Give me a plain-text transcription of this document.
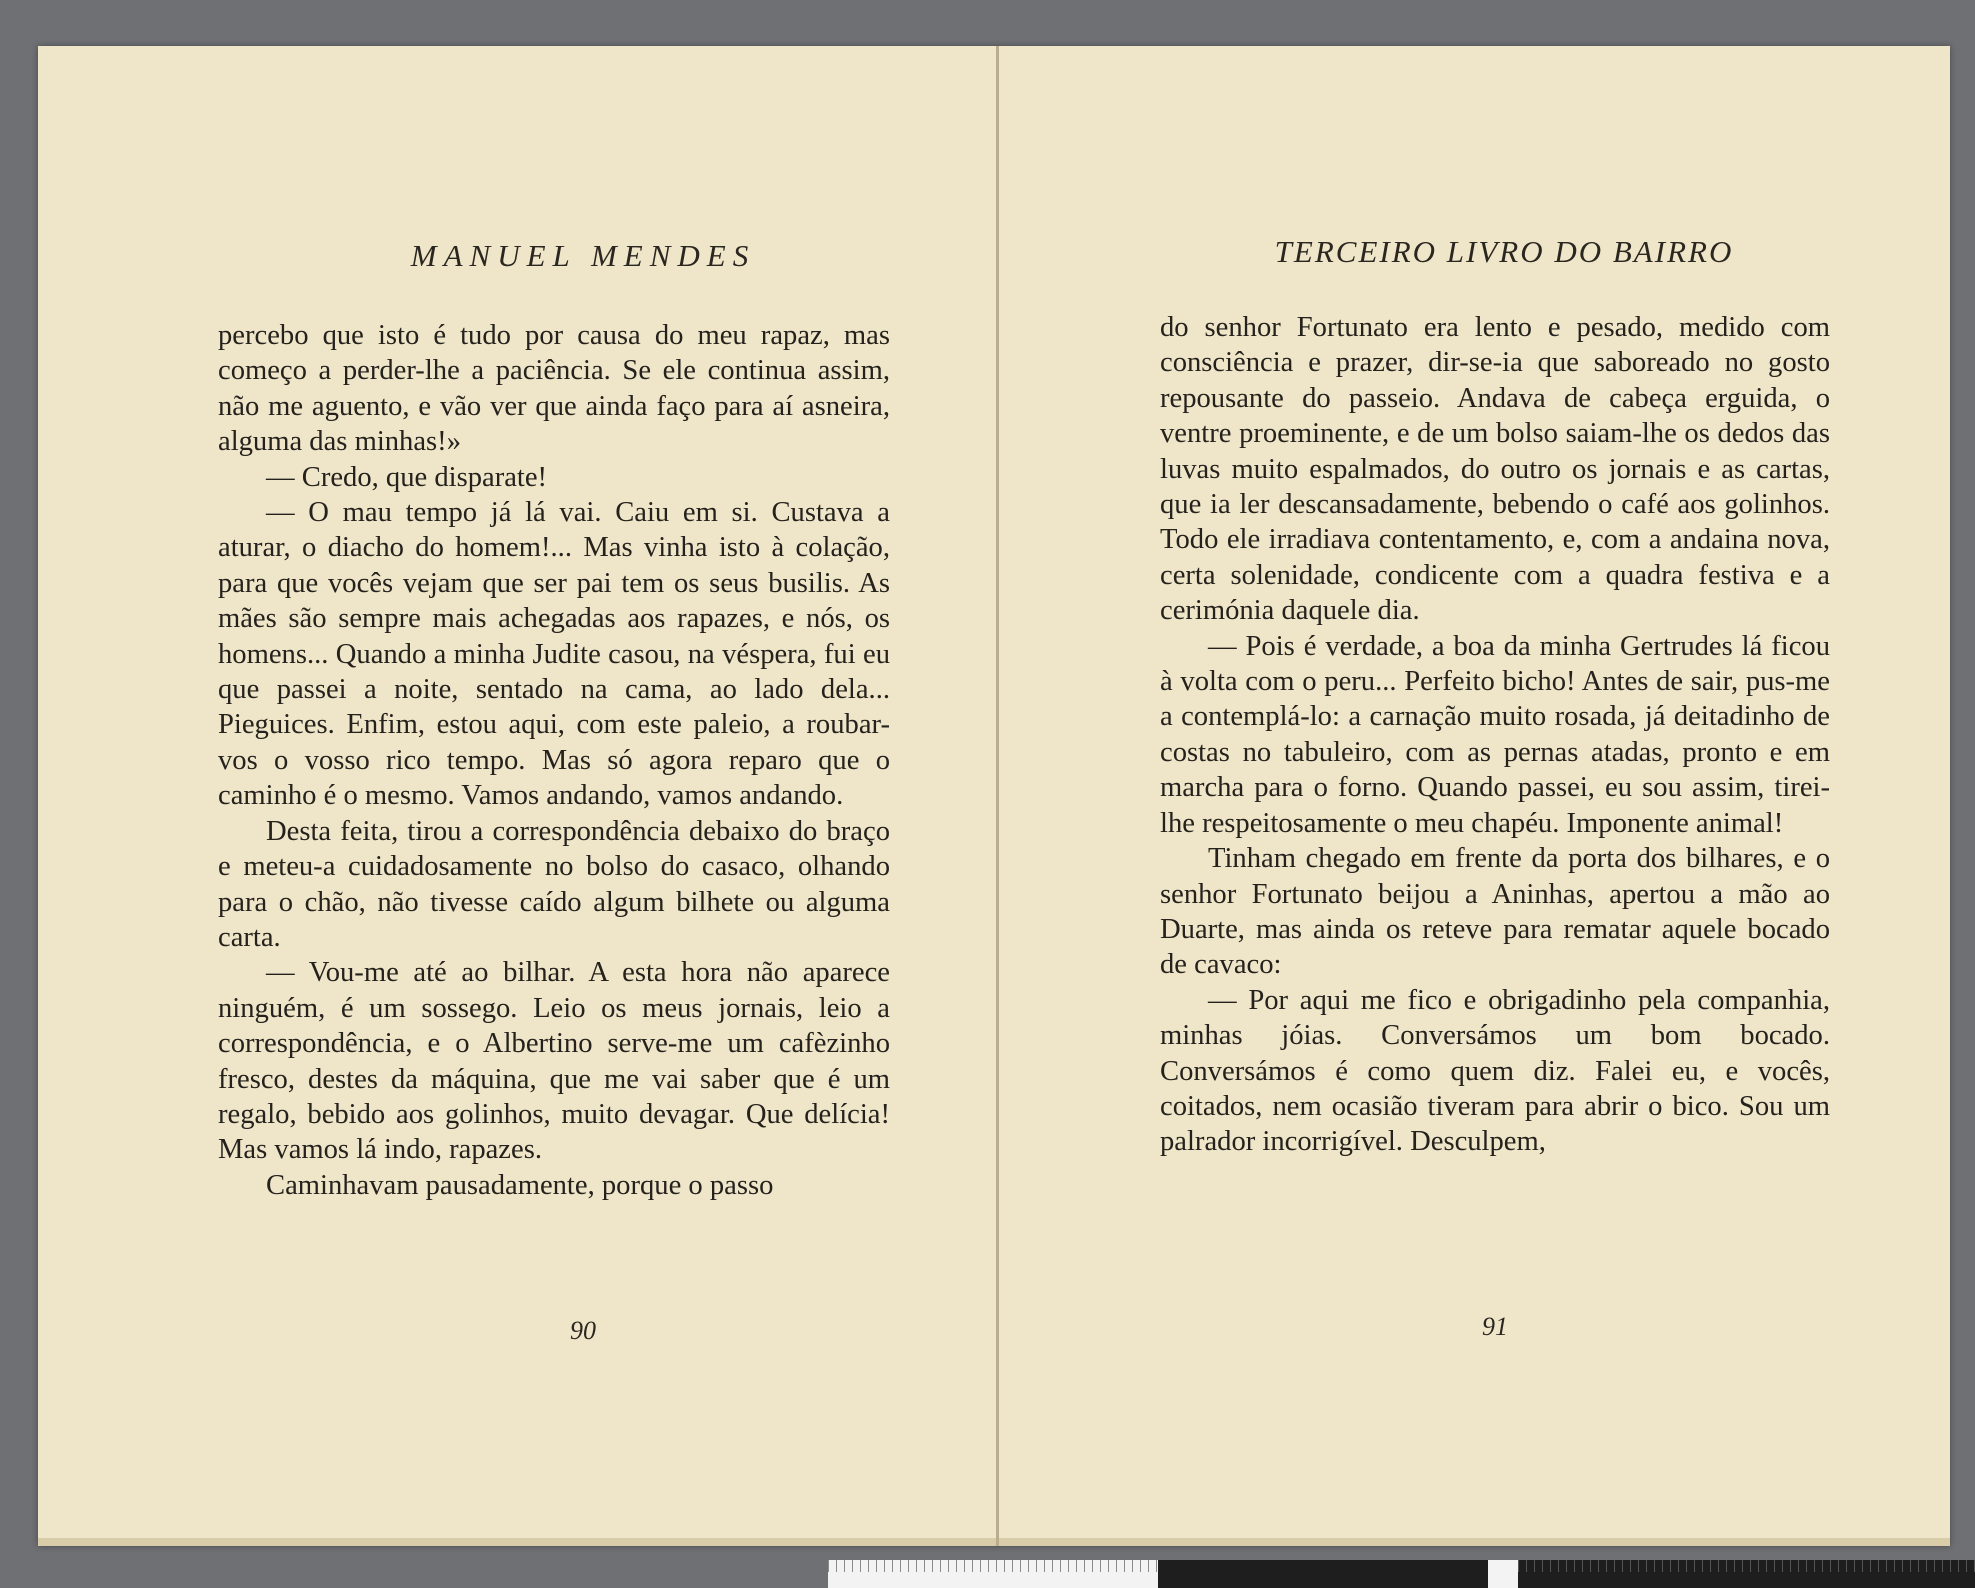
MANUEL MENDES

percebo que isto é tudo por causa do meu rapaz, mas começo a perder-lhe a paciência. Se ele continua assim, não me aguento, e vão ver que ainda faço para aí asneira, alguma das minhas!»

— Credo, que disparate!

— O mau tempo já lá vai. Caiu em si. Custava a aturar, o diacho do homem!... Mas vinha isto à colação, para que vocês vejam que ser pai tem os seus busilis. As mães são sempre mais achegadas aos rapazes, e nós, os homens... Quando a minha Judite casou, na véspera, fui eu que passei a noite, sentado na cama, ao lado dela... Pieguices. Enfim, estou aqui, com este paleio, a roubar-vos o vosso rico tempo. Mas só agora reparo que o caminho é o mesmo. Vamos andando, vamos andando.

Desta feita, tirou a correspondência debaixo do braço e meteu-a cuidadosamente no bolso do casaco, olhando para o chão, não tivesse caído algum bilhete ou alguma carta.

— Vou-me até ao bilhar. A esta hora não aparece ninguém, é um sossego. Leio os meus jornais, leio a correspondência, e o Albertino serve-me um cafèzinho fresco, destes da máquina, que me vai saber que é um regalo, bebido aos golinhos, muito devagar. Que delícia! Mas vamos lá indo, rapazes.

Caminhavam pausadamente, porque o passo

90
TERCEIRO LIVRO DO BAIRRO

do senhor Fortunato era lento e pesado, medido com consciência e prazer, dir-se-ia que saboreado no gosto repousante do passeio. Andava de cabeça erguida, o ventre proeminente, e de um bolso saiam-lhe os dedos das luvas muito espalmados, do outro os jornais e as cartas, que ia ler descansadamente, bebendo o café aos golinhos. Todo ele irradiava contentamento, e, com a andaina nova, certa solenidade, condicente com a quadra festiva e a cerimónia daquele dia.

— Pois é verdade, a boa da minha Gertrudes lá ficou à volta com o peru... Perfeito bicho! Antes de sair, pus-me a contemplá-lo: a carnação muito rosada, já deitadinho de costas no tabuleiro, com as pernas atadas, pronto e em marcha para o forno. Quando passei, eu sou assim, tirei-lhe respeitosamente o meu chapéu. Imponente animal!

Tinham chegado em frente da porta dos bilhares, e o senhor Fortunato beijou a Aninhas, apertou a mão ao Duarte, mas ainda os reteve para rematar aquele bocado de cavaco:

— Por aqui me fico e obrigadinho pela companhia, minhas jóias. Conversámos um bom bocado. Conversámos é como quem diz. Falei eu, e vocês, coitados, nem ocasião tiveram para abrir o bico. Sou um palrador incorrigível. Desculpem,

91
